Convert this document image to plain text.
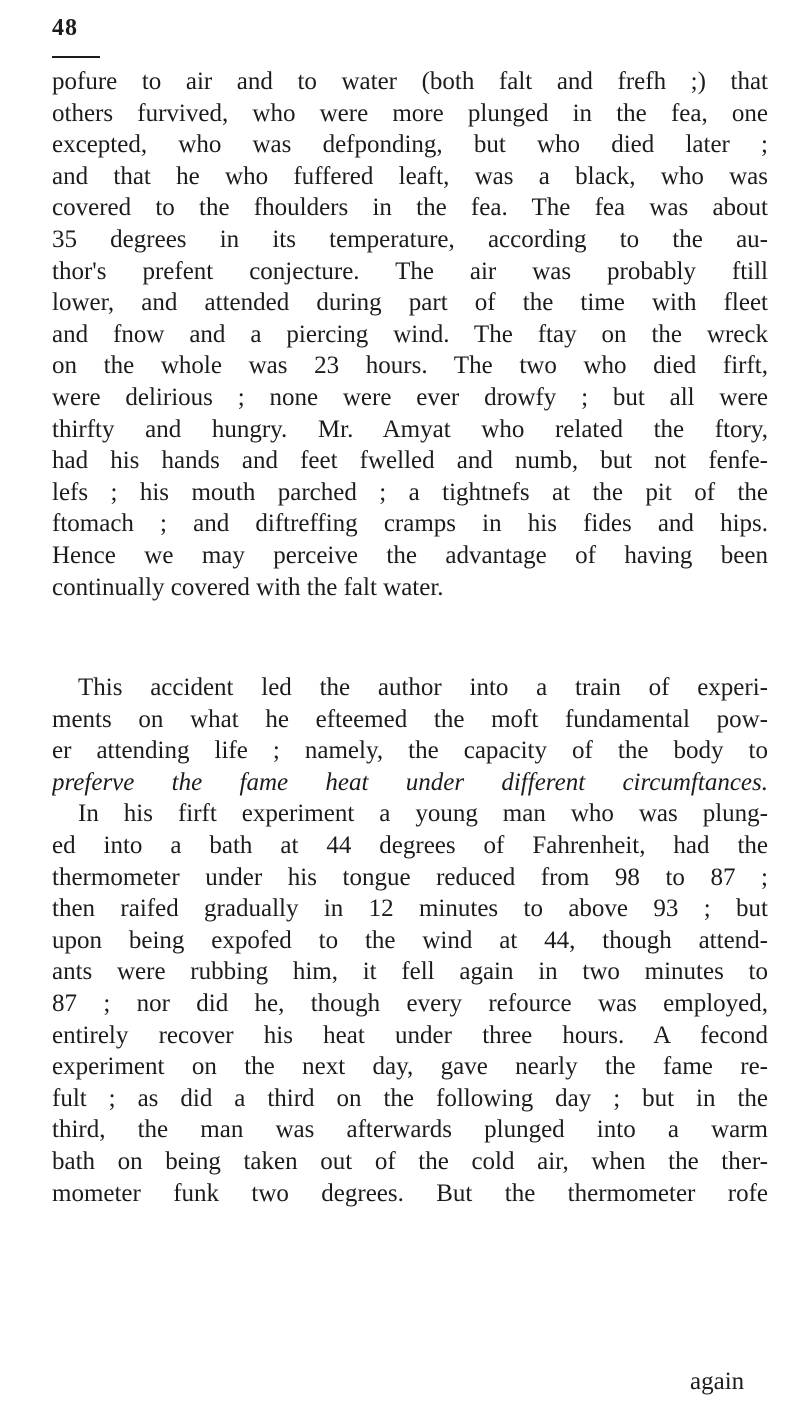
48
pofure to air and to water (both falt and frefh ;) that
others furvived, who were more plunged in the fea, one
excepted, who was defponding, but who died later ;
and that he who fuffered leaft, was a black, who was
covered to the fhoulders in the fea. The fea was about
35 degrees in its temperature, according to the au-
thor's prefent conjecture. The air was probably ftill
lower, and attended during part of the time with fleet
and fnow and a piercing wind. The ftay on the wreck
on the whole was 23 hours. The two who died firft,
were delirious ; none were ever drowfy ; but all were
thirfty and hungry. Mr. Amyat who related the ftory,
had his hands and feet fwelled and numb, but not fenfe-
lefs ; his mouth parched ; a tightnefs at the pit of the
ftomach ; and diftreffing cramps in his fides and hips.
Hence we may perceive the advantage of having been
continually covered with the falt water.
This accident led the author into a train of experi-
ments on what he efteemed the moft fundamental pow-
er attending life ; namely, the capacity of the body to
preferve the fame heat under different circumftances.
In his firft experiment a young man who was plung-
ed into a bath at 44 degrees of Fahrenheit, had the
thermometer under his tongue reduced from 98 to 87 ;
then raifed gradually in 12 minutes to above 93 ; but
upon being expofed to the wind at 44, though attend-
ants were rubbing him, it fell again in two minutes to
87 ; nor did he, though every refource was employed,
entirely recover his heat under three hours. A fecond
experiment on the next day, gave nearly the fame re-
fult ; as did a third on the following day ; but in the
third, the man was afterwards plunged into a warm
bath on being taken out of the cold air, when the ther-
mometer funk two degrees. But the thermometer rofe
again
